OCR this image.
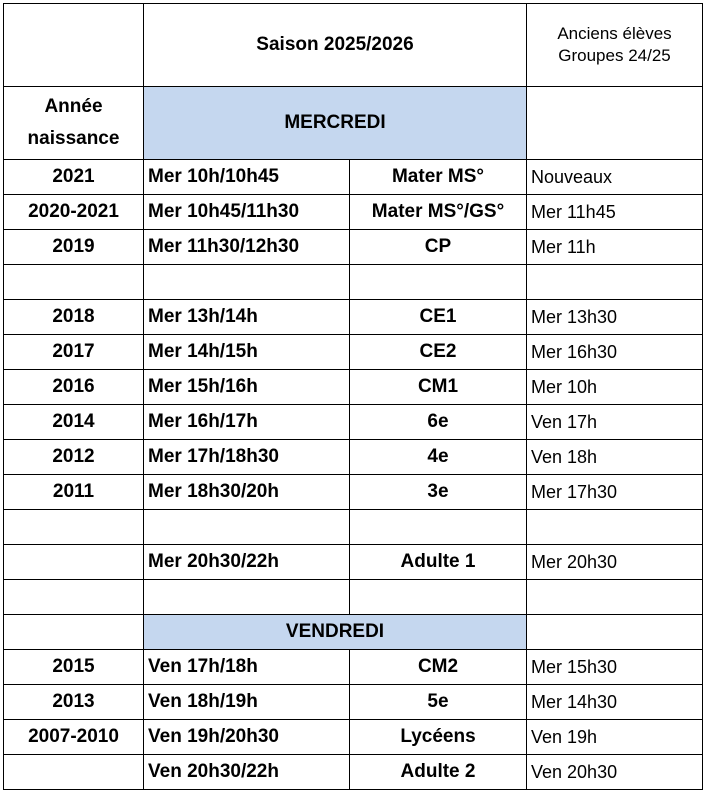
	Saison 2025/2026		Anciens élèves
Groupes 24/25

Année
naissance	MERCREDI		
2021	Mer 10h/10h45	Mater MS°	Nouveaux
2020-2021	Mer 10h45/11h30	Mater MS°/GS°	Mer 11h45
2019	Mer 11h30/12h30	CP	Mer 11h

2018	Mer 13h/14h	CE1	Mer 13h30
2017	Mer 14h/15h	CE2	Mer 16h30
2016	Mer 15h/16h	CM1	Mer 10h
2014	Mer 16h/17h	6e	Ven 17h
2012	Mer 17h/18h30	4e	Ven 18h
2011	Mer 18h30/20h	3e	Mer 17h30

	Mer 20h30/22h	Adulte 1	Mer 20h30

	VENDREDI		
2015	Ven 17h/18h	CM2	Mer 15h30
2013	Ven 18h/19h	5e	Mer 14h30
2007-2010	Ven 19h/20h30	Lycéens	Ven 19h
	Ven 20h30/22h	Adulte 2	Ven 20h30
